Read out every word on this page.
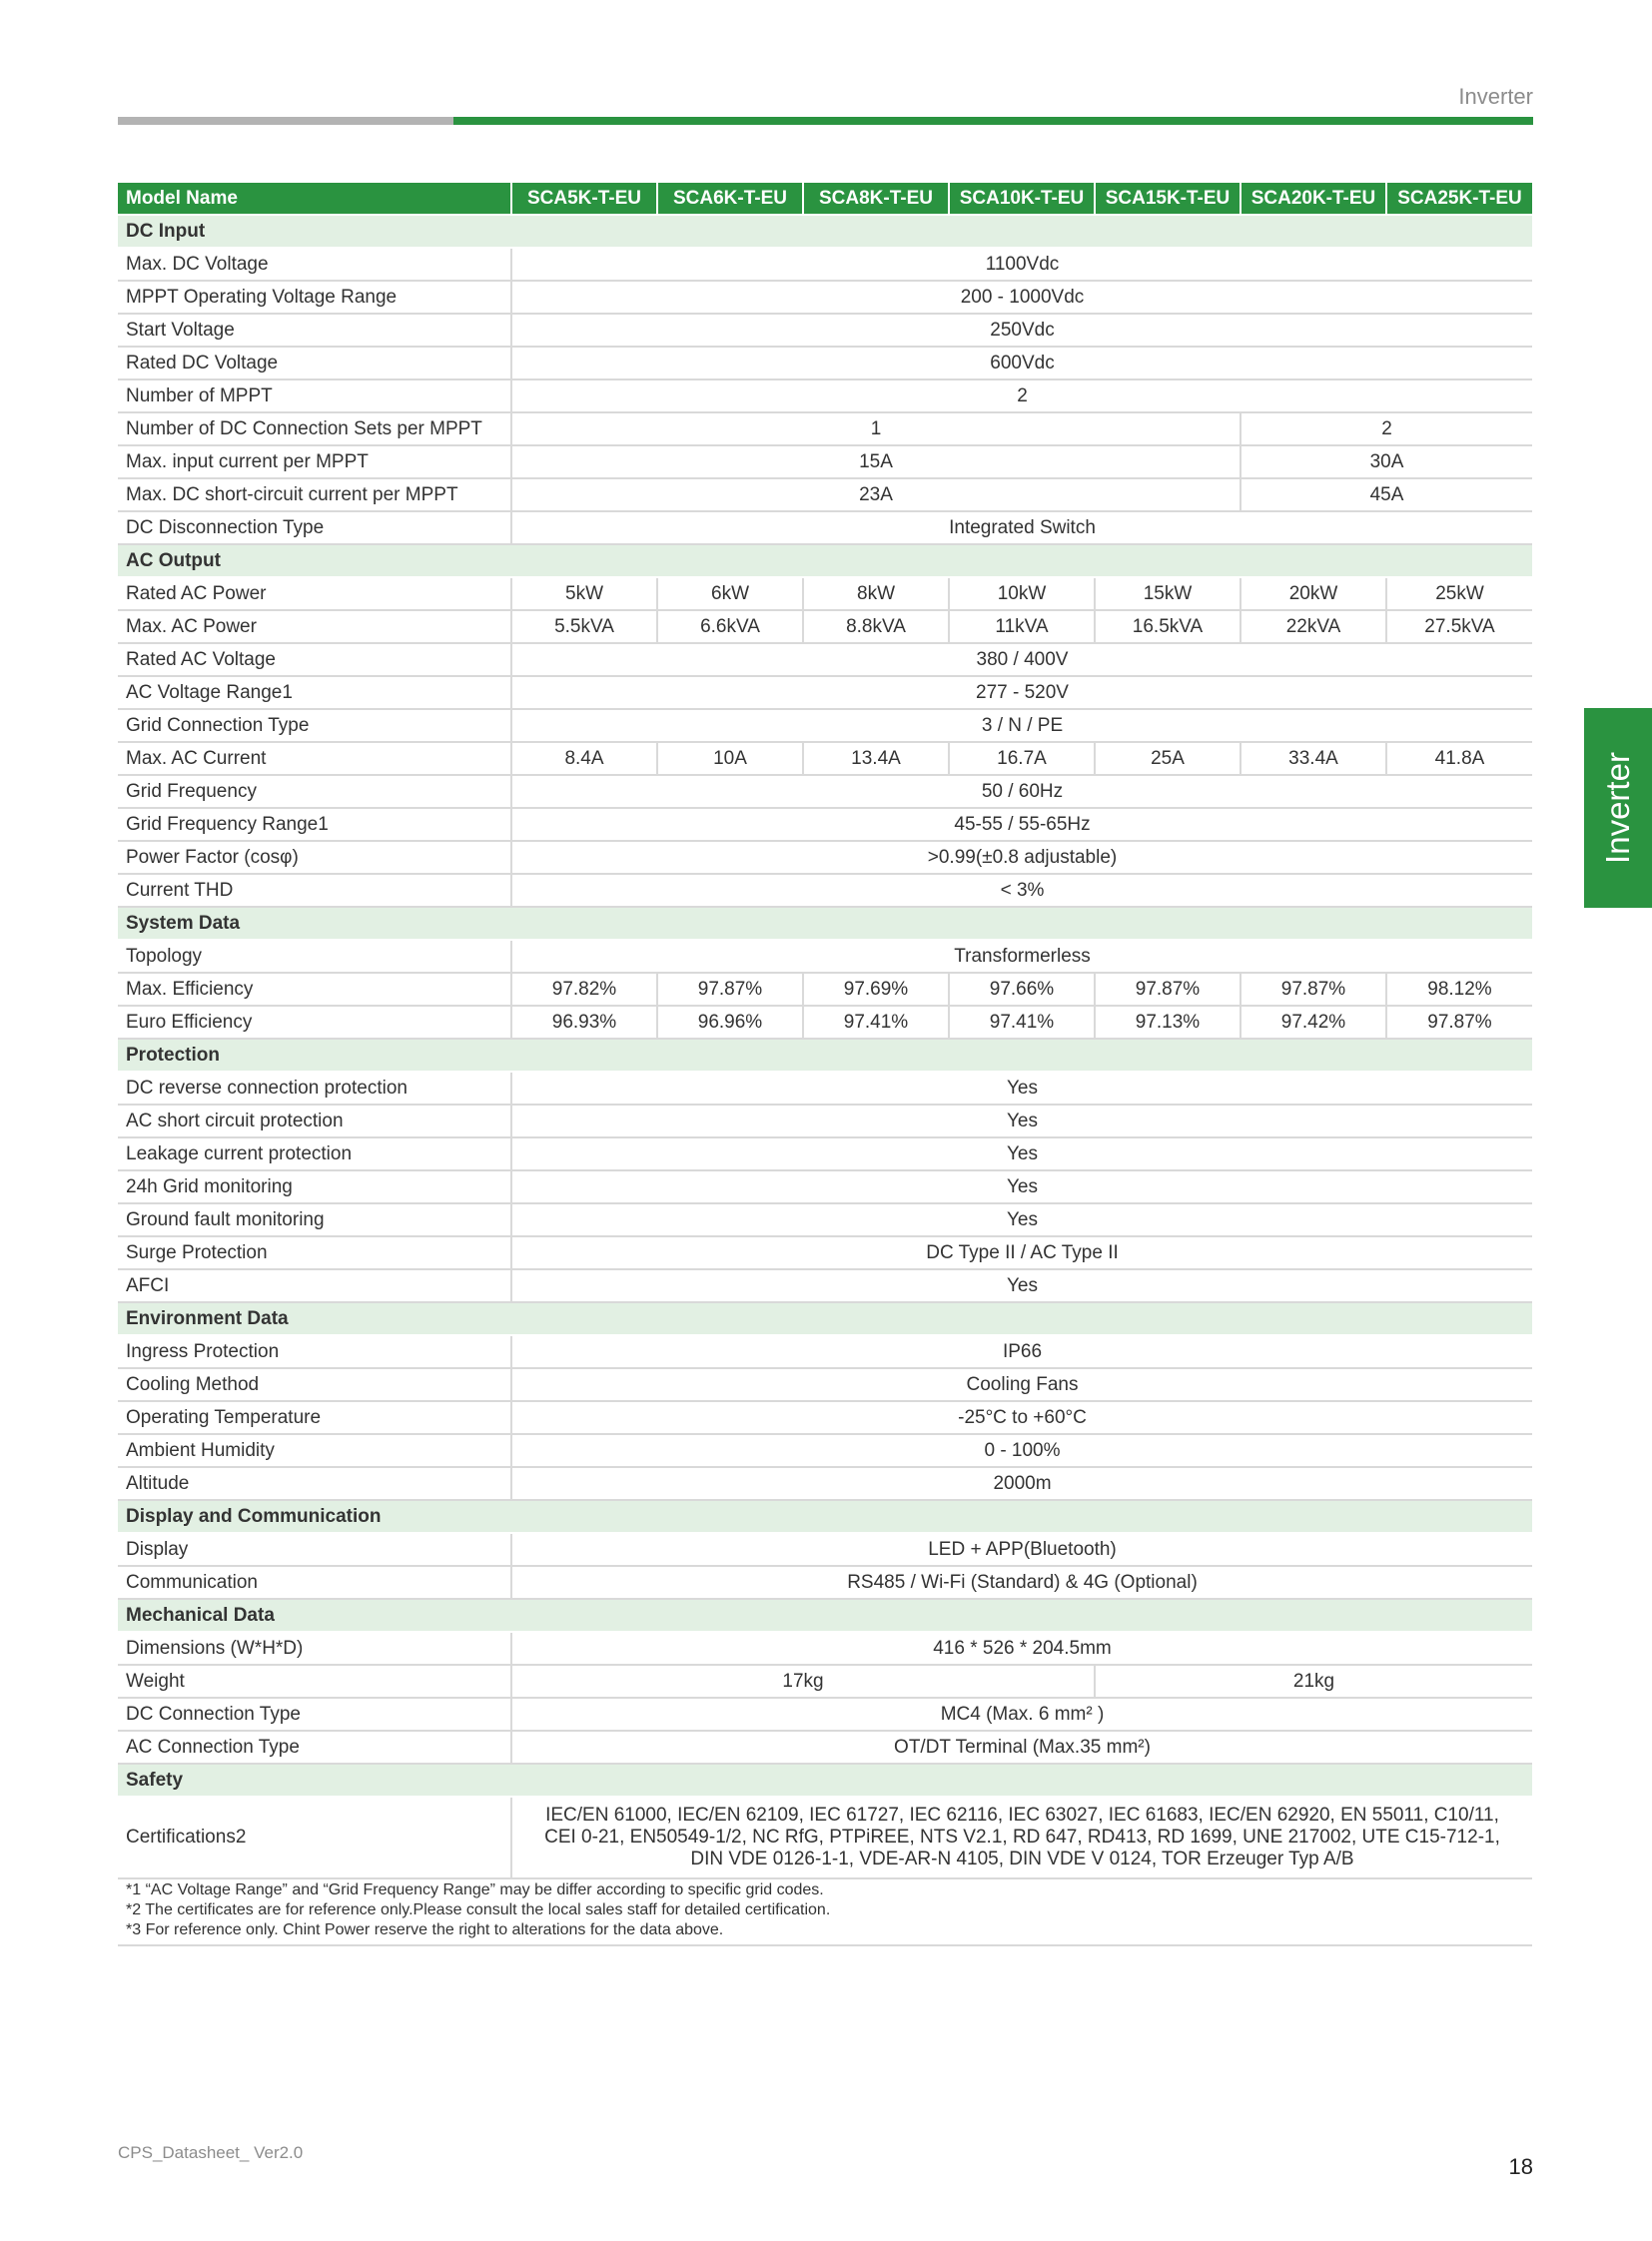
Inverter
Inverter
Model Name	SCA5K-T-EU	SCA6K-T-EU	SCA8K-T-EU	SCA10K-T-EU	SCA15K-T-EU	SCA20K-T-EU	SCA25K-T-EU
DC Input							
Max. DC Voltage	1100Vdc						
MPPT Operating Voltage Range	200 - 1000Vdc						
Start Voltage	250Vdc						
Rated DC Voltage	600Vdc						
Number of MPPT	2						
Number of DC Connection Sets per MPPT	1					2	
Max. input current per MPPT	15A					30A	
Max. DC short-circuit current per MPPT	23A					45A	
DC Disconnection Type	Integrated Switch						
AC Output							
Rated AC Power	5kW	6kW	8kW	10kW	15kW	20kW	25kW
Max. AC Power	5.5kVA	6.6kVA	8.8kVA	11kVA	16.5kVA	22kVA	27.5kVA
Rated AC Voltage	380 / 400V						
AC Voltage Range1	277 - 520V						
Grid Connection Type	3 / N / PE						
Max. AC Current	8.4A	10A	13.4A	16.7A	25A	33.4A	41.8A
Grid Frequency	50 / 60Hz						
Grid Frequency Range1	45-55 / 55-65Hz						
Power Factor (cosφ)	>0.99(±0.8 adjustable)						
Current THD	< 3%						
System Data							
Topology	Transformerless						
Max. Efficiency	97.82%	97.87%	97.69%	97.66%	97.87%	97.87%	98.12%
Euro Efficiency	96.93%	96.96%	97.41%	97.41%	97.13%	97.42%	97.87%
Protection							
DC reverse connection protection	Yes						
AC short circuit protection	Yes						
Leakage current protection	Yes						
24h Grid monitoring	Yes						
Ground fault monitoring	Yes						
Surge Protection	DC Type II / AC Type II						
AFCI	Yes						
Environment Data							
Ingress Protection	IP66						
Cooling Method	Cooling Fans						
Operating Temperature	-25°C to +60°C						
Ambient Humidity	0 - 100%						
Altitude	2000m						
Display and Communication							
Display	LED + APP(Bluetooth)						
Communication	RS485 / Wi-Fi (Standard) & 4G (Optional)						
Mechanical Data							
Dimensions (W*H*D)	416 * 526 * 204.5mm						
Weight	17kg				21kg		
DC Connection Type	MC4 (Max. 6 mm² )						
AC Connection Type	OT/DT Terminal (Max.35 mm²)						
Safety							
Certifications2	IEC/EN 61000, IEC/EN 62109, IEC 61727, IEC 62116, IEC 63027, IEC 61683, IEC/EN 62920, EN 55011, C10/11,
CEI 0-21, EN50549-1/2, NC RfG, PTPiREE, NTS V2.1, RD 647, RD413, RD 1699, UNE 217002, UTE C15-712-1,
DIN VDE 0126-1-1, VDE-AR-N 4105, DIN VDE V 0124, TOR Erzeuger Typ A/B						
*1 “AC Voltage Range” and “Grid Frequency Range” may be differ according to specific grid codes.
*2 The certificates are for reference only.Please consult the local sales staff for detailed certification.
*3 For reference only. Chint Power reserve the right to alterations for the data above.
CPS_Datasheet_ Ver2.0
18
